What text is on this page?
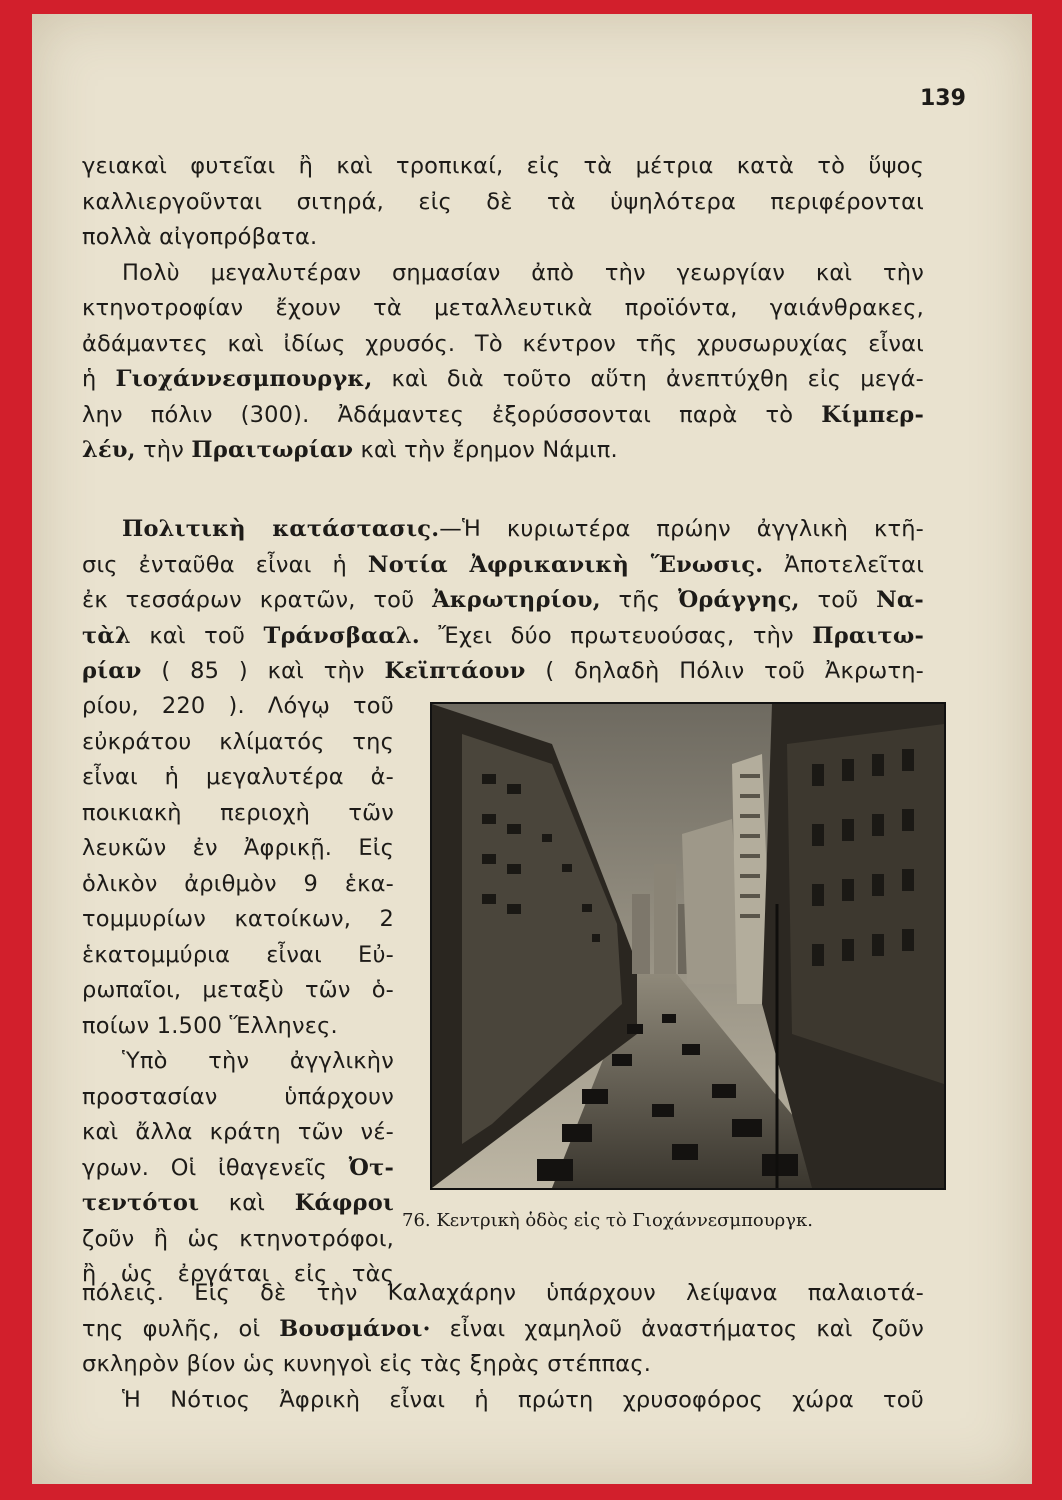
139
γειακαὶ φυτεῖαι ἢ καὶ τροπικαί, εἰς τὰ μέτρια κατὰ τὸ ὕψος
καλλιεργοῦνται σιτηρά, εἰς δὲ τὰ ὑψηλότερα περιφέρονται
πολλὰ αἰγοπρόβατα.
Πολὺ μεγαλυτέραν σημασίαν ἀπὸ τὴν γεωργίαν καὶ τὴν
κτηνοτροφίαν ἔχουν τὰ μεταλλευτικὰ προϊόντα, γαιάνθρακες,
ἀδάμαντες καὶ ἰδίως χρυσός. Τὸ κέντρον τῆς χρυσωρυχίας εἶναι
ἡ Γιοχάννεσμπουργκ, καὶ διὰ τοῦτο αὕτη ἀνεπτύχθη εἰς μεγά-
λην πόλιν (300). Ἀδάμαντες ἐξορύσσονται παρὰ τὸ Κίμπερ-
λέυ, τὴν Πραιτωρίαν καὶ τὴν ἔρημον Νάμιπ.
Πολιτικὴ κατάστασις.—Ἡ κυριωτέρα πρώην ἀγγλικὴ κτῆ-
σις ἐνταῦθα εἶναι ἡ Νοτία Ἀφρικανικὴ Ἕνωσις. Ἀποτελεῖται
ἐκ τεσσάρων κρατῶν, τοῦ Ἀκρωτηρίου, τῆς Ὀράγγης, τοῦ Να-
τὰλ καὶ τοῦ Τράνσβααλ. Ἔχει δύο πρωτευούσας, τὴν Πραιτω-
ρίαν ( 85 ) καὶ τὴν Κεϊπτάουν ( δηλαδὴ Πόλιν τοῦ Ἀκρωτη-
ρίου, 220 ). Λόγῳ τοῦ
εὐκράτου κλίματός της
εἶναι ἡ μεγαλυτέρα ἀ-
ποικιακὴ περιοχὴ τῶν
λευκῶν ἐν Ἀφρικῇ. Εἰς
ὁλικὸν ἀριθμὸν 9 ἑκα-
τομμυρίων κατοίκων, 2
ἑκατομμύρια εἶναι Εὐ-
ρωπαῖοι, μεταξὺ τῶν ὁ-
ποίων 1.500 Ἕλληνες.
Ὑπὸ τὴν ἀγγλικὴν
προστασίαν ὑπάρχουν
καὶ ἄλλα κράτη τῶν νέ-
γρων. Οἱ ἰθαγενεῖς Ὀτ-
τεντότοι καὶ Κάφροι
ζοῦν ἢ ὡς κτηνοτρόφοι,
ἢ ὡς ἐργάται εἰς τὰς
76. Κεντρικὴ ὁδὸς εἰς τὸ Γιοχάννεσμπουργκ.
πόλεις. Εἰς δὲ τὴν Καλαχάρην ὑπάρχουν λείψανα παλαιοτά-
της φυλῆς, οἱ Βουσμάνοι· εἶναι χαμηλοῦ ἀναστήματος καὶ ζοῦν
σκληρὸν βίον ὡς κυνηγοὶ εἰς τὰς ξηρὰς στέππας.
Ἡ Νότιος Ἀφρικὴ εἶναι ἡ πρώτη χρυσοφόρος χώρα τοῦ
